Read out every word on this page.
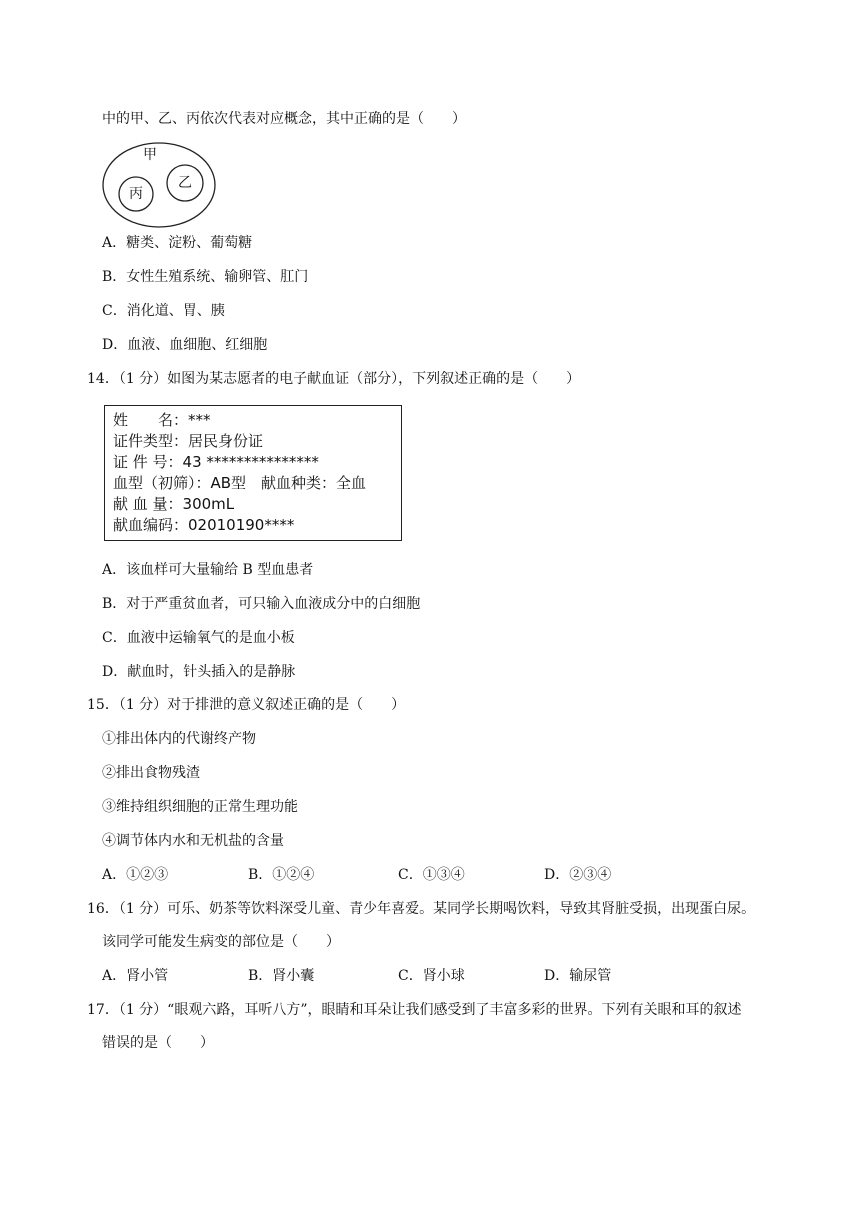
中的甲、乙、丙依次代表对应概念，其中正确的是（　　）
甲
乙
丙
A．糖类、淀粉、葡萄糖
B．女性生殖系统、输卵管、肛门
C．消化道、胃、胰
D．血液、血细胞、红细胞
14．（1 分）如图为某志愿者的电子献血证（部分），下列叙述正确的是（　　）
姓　　名：***
证件类型：居民身份证
证 件 号：43 ***************
血型（初筛）：AB型　献血种类：全血
献 血 量：300mL
献血编码：02010190****
A．该血样可大量输给 B 型血患者
B．对于严重贫血者，可只输入血液成分中的白细胞
C．血液中运输氧气的是血小板
D．献血时，针头插入的是静脉
15．（1 分）对于排泄的意义叙述正确的是（　　）
①排出体内的代谢终产物
②排出食物残渣
③维持组织细胞的正常生理功能
④调节体内水和无机盐的含量
A．①②③	B．①②④	C．①③④	D．②③④
16．（1 分）可乐、奶茶等饮料深受儿童、青少年喜爱。某同学长期喝饮料，导致其肾脏受损，出现蛋白尿。
该同学可能发生病变的部位是（　　）
A．肾小管	B．肾小囊	C．肾小球	D．输尿管
17．（1 分）“眼观六路，耳听八方”，眼睛和耳朵让我们感受到了丰富多彩的世界。下列有关眼和耳的叙述
错误的是（　　）
